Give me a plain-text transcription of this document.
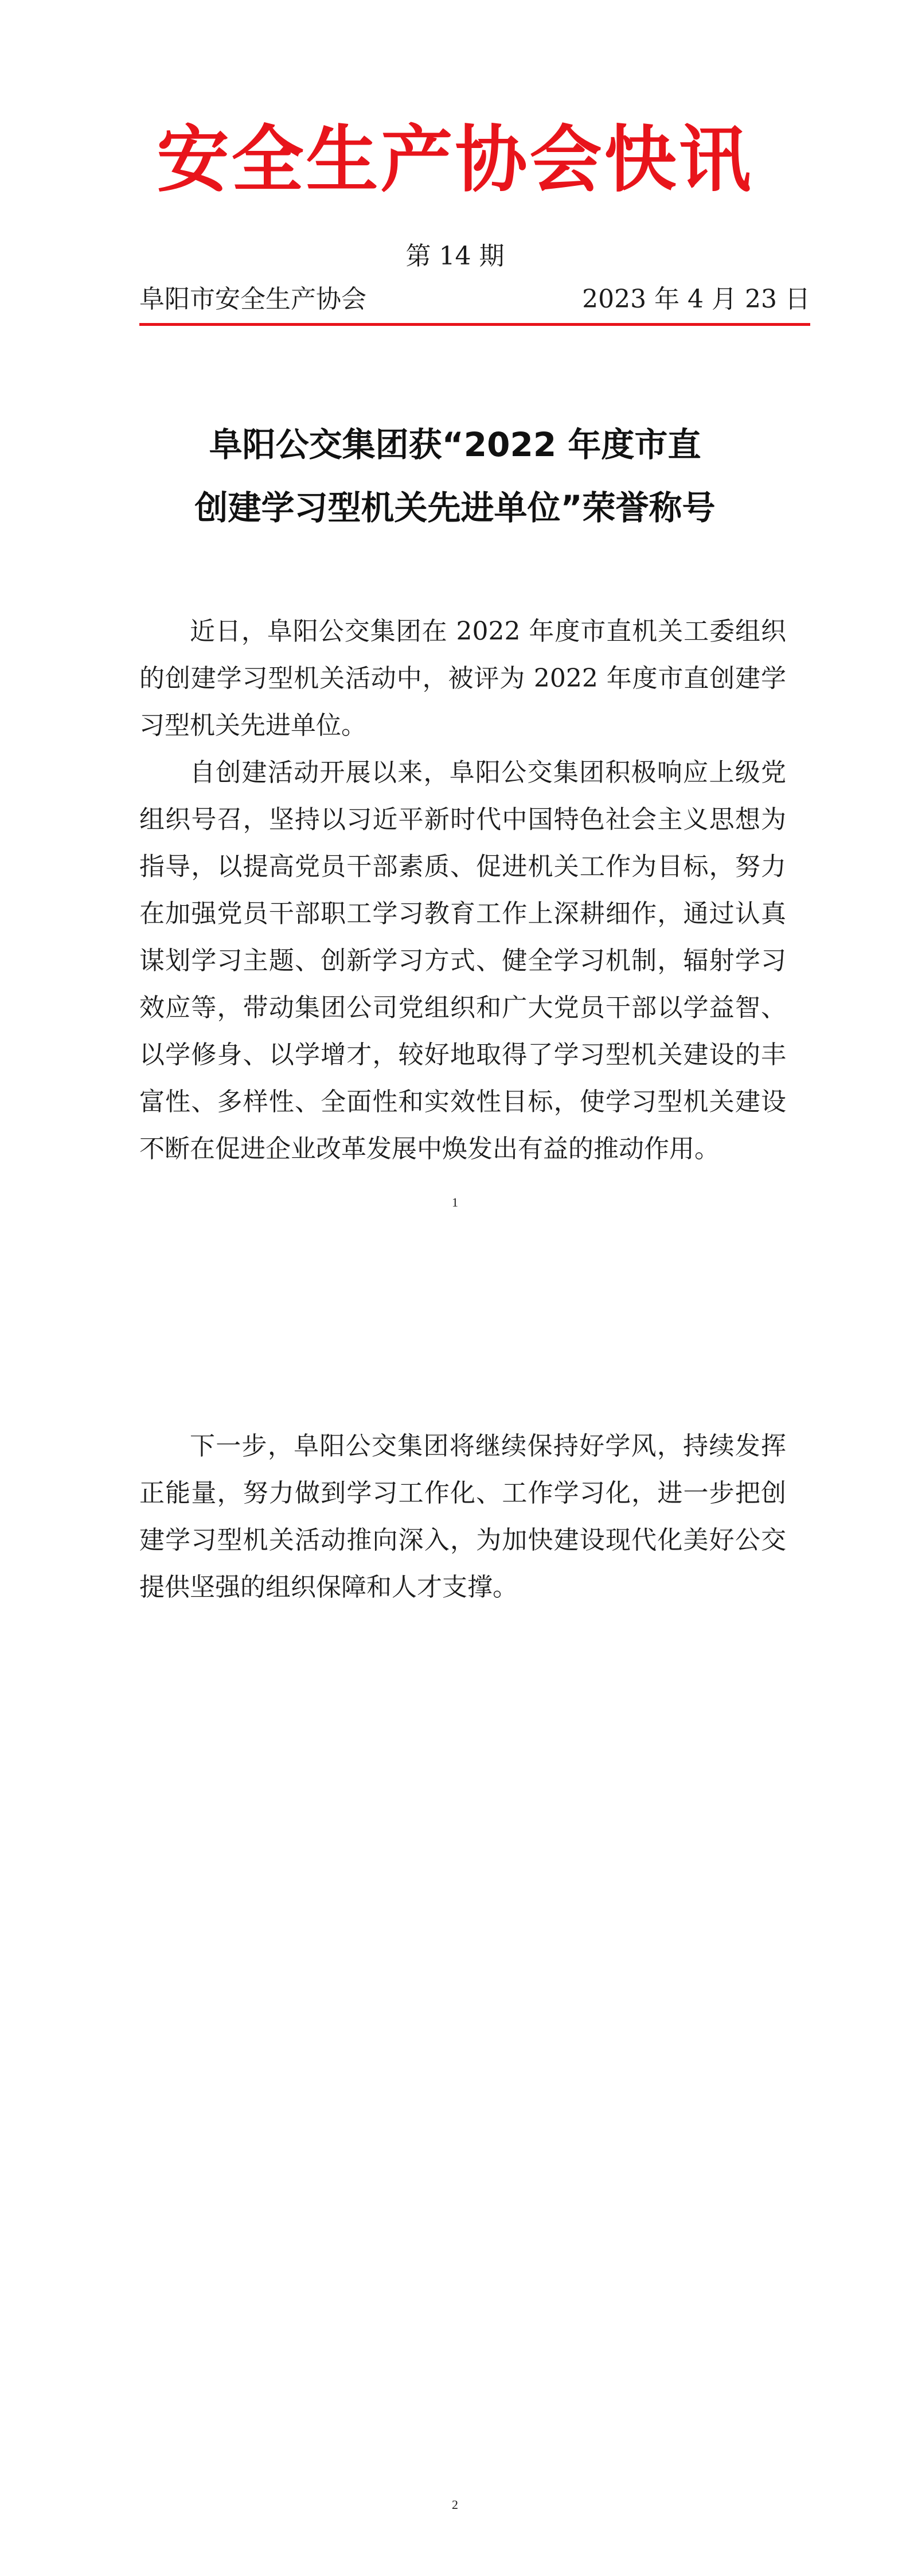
安全生产协会快讯
第 14 期
阜阳市安全生产协会	2023 年 4 月 23 日
阜阳公交集团获“2022 年度市直
创建学习型机关先进单位”荣誉称号

近日，阜阳公交集团在 2022 年度市直机关工委组织的创建学习型机关活动中，被评为 2022 年度市直创建学习型机关先进单位。

自创建活动开展以来，阜阳公交集团积极响应上级党组织号召，坚持以习近平新时代中国特色社会主义思想为指导，以提高党员干部素质、促进机关工作为目标，努力在加强党员干部职工学习教育工作上深耕细作，通过认真谋划学习主题、创新学习方式、健全学习机制，辐射学习效应等，带动集团公司党组织和广大党员干部以学益智、以学修身、以学增才，较好地取得了学习型机关建设的丰富性、多样性、全面性和实效性目标，使学习型机关建设不断在促进企业改革发展中焕发出有益的推动作用。

1

下一步，阜阳公交集团将继续保持好学风，持续发挥正能量，努力做到学习工作化、工作学习化，进一步把创建学习型机关活动推向深入，为加快建设现代化美好公交提供坚强的组织保障和人才支撑。

2
